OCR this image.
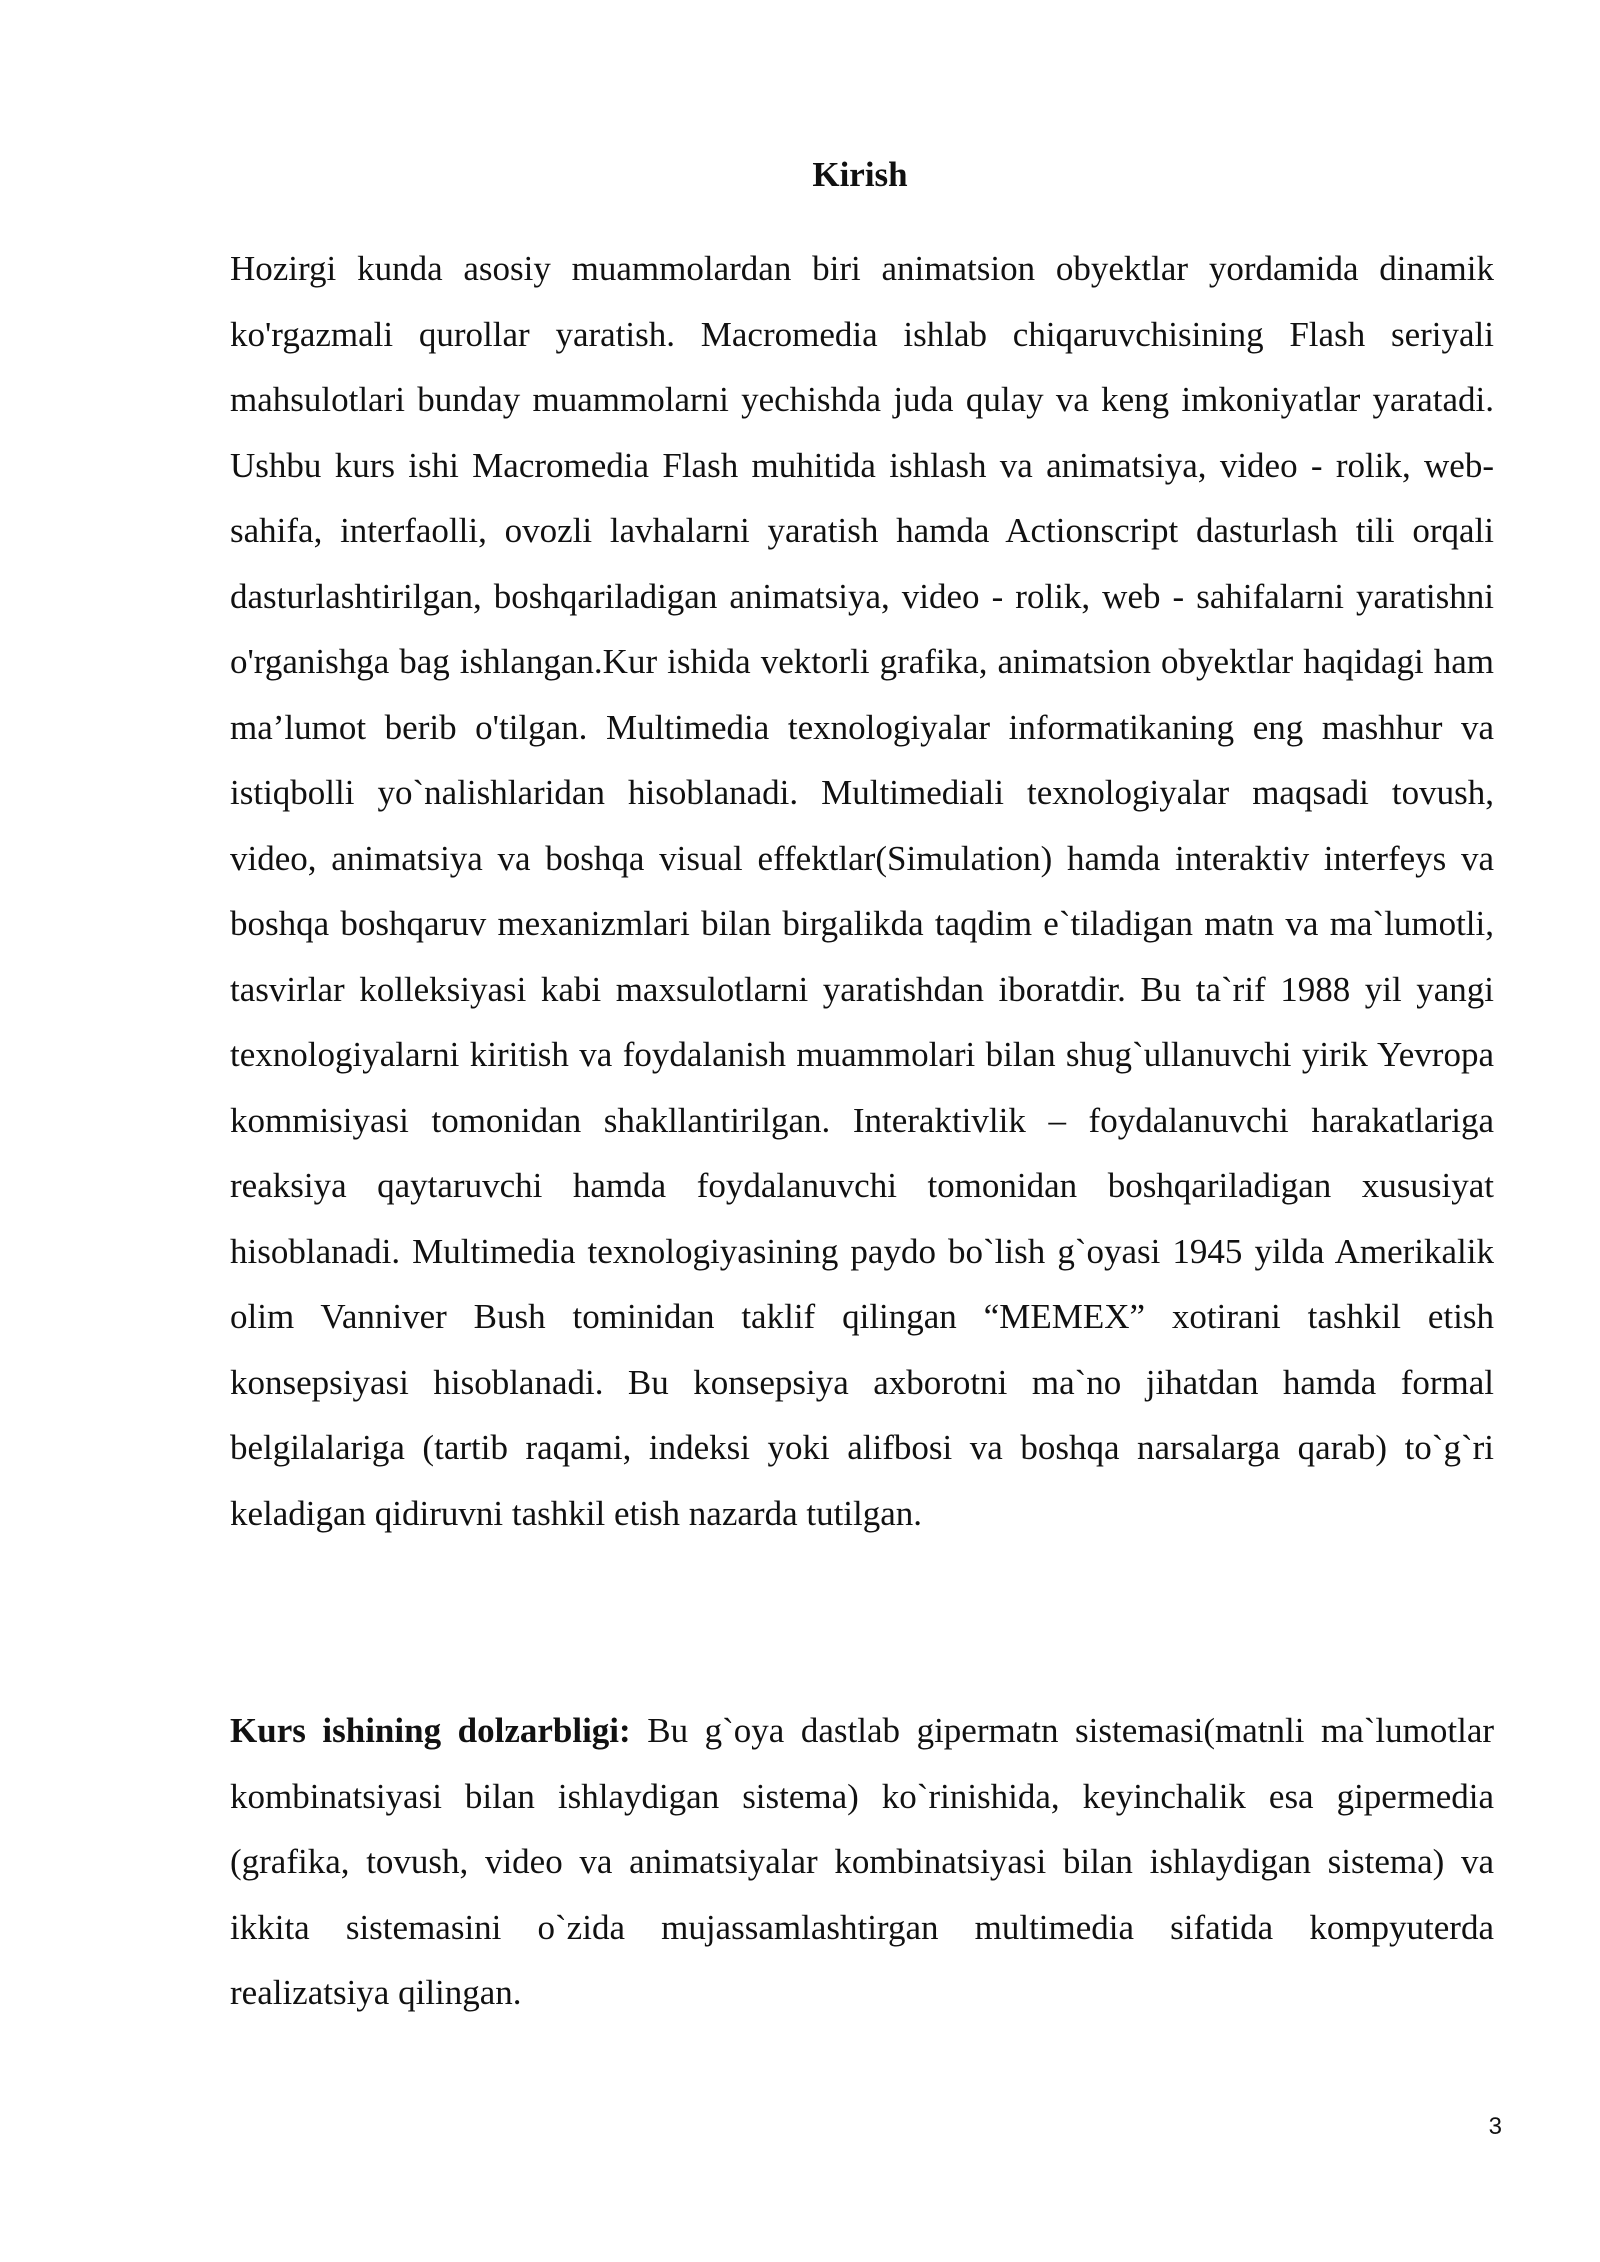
Kirish

Hozirgi kunda asosiy muammolardan biri animatsion obyektlar yordamida dinamik ko'rgazmali qurollar yaratish. Macromedia ishlab chiqaruvchisining Flash seriyali mahsulotlari bunday muammolarni yechishda juda qulay va keng imkoniyatlar yaratadi. Ushbu kurs ishi Macromedia Flash muhitida ishlash va animatsiya, video - rolik, web- sahifa, interfaolli, ovozli lavhalarni yaratish hamda Actionscript dasturlash tili orqali dasturlashtirilgan, boshqariladigan animatsiya, video - rolik, web - sahifalarni yaratishni o'rganishga bag ishlangan.Kur ishida vektorli grafika, animatsion obyektlar haqidagi ham ma’lumot berib o'tilgan. Multimedia texnologiyalar informatikaning eng mashhur va istiqbolli yo`nalishlaridan hisoblanadi. Multimediali texnologiyalar maqsadi tovush, video, animatsiya va boshqa visual effektlar(Simulation) hamda interaktiv interfeys va boshqa boshqaruv mexanizmlari bilan birgalikda taqdim e`tiladigan matn va ma`lumotli, tasvirlar kolleksiyasi kabi maxsulotlarni yaratishdan iboratdir. Bu ta`rif 1988 yil yangi texnologiyalarni kiritish va foydalanish muammolari bilan shug`ullanuvchi yirik Yevropa kommisiyasi tomonidan shakllantirilgan. Interaktivlik – foydalanuvchi harakatlariga reaksiya qaytaruvchi hamda foydalanuvchi tomonidan boshqariladigan xususiyat hisoblanadi. Multimedia texnologiyasining paydo bo`lish g`oyasi 1945 yilda Amerikalik olim Vanniver Bush tominidan taklif qilingan “MEMEX” xotirani tashkil etish konsepsiyasi hisoblanadi. Bu konsepsiya axborotni ma`no jihatdan hamda formal belgilalariga (tartib raqami, indeksi yoki alifbosi va boshqa narsalarga qarab) to`g`ri keladigan qidiruvni tashkil etish nazarda tutilgan.

Kurs ishining dolzarbligi: Bu g`oya dastlab gipermatn sistemasi(matnli ma`lumotlar kombinatsiyasi bilan ishlaydigan sistema) ko`rinishida, keyinchalik esa gipermedia (grafika, tovush, video va animatsiyalar kombinatsiyasi bilan ishlaydigan sistema) va ikkita sistemasini o`zida mujassamlashtirgan multimedia sifatida kompyuterda realizatsiya qilingan.

3
